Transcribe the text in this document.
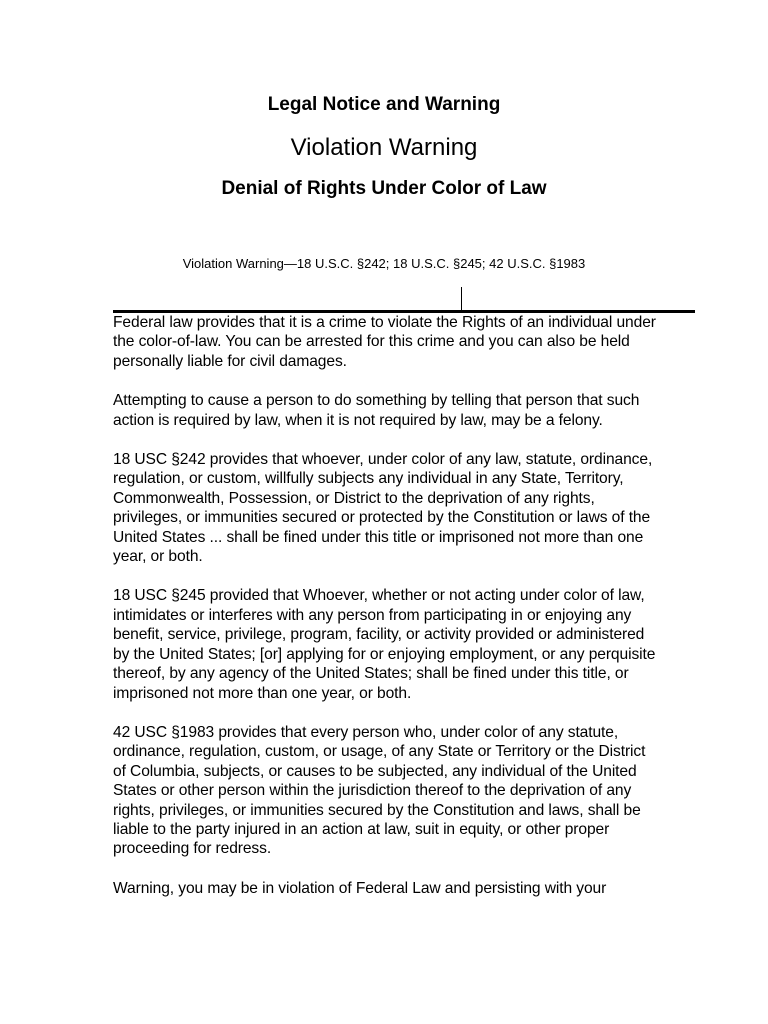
Legal Notice and Warning
Violation Warning
Denial of Rights Under Color of Law
Violation Warning—18 U.S.C. §242; 18 U.S.C. §245; 42 U.S.C. §1983

Federal law provides that it is a crime to violate the Rights of an individual under the color-of-law. You can be arrested for this crime and you can also be held personally liable for civil damages.

Attempting to cause a person to do something by telling that person that such action is required by law, when it is not required by law, may be a felony.

18 USC §242 provides that whoever, under color of any law, statute, ordinance, regulation, or custom, willfully subjects any individual in any State, Territory, Commonwealth, Possession, or District to the deprivation of any rights, privileges, or immunities secured or protected by the Constitution or laws of the United States ... shall be fined under this title or imprisoned not more than one year, or both.

18 USC §245 provided that Whoever, whether or not acting under color of law, intimidates or interferes with any person from participating in or enjoying any benefit, service, privilege, program, facility, or activity provided or administered by the United States; [or] applying for or enjoying employment, or any perquisite thereof, by any agency of the United States; shall be fined under this title, or imprisoned not more than one year, or both.

42 USC §1983 provides that every person who, under color of any statute, ordinance, regulation, custom, or usage, of any State or Territory or the District of Columbia, subjects, or causes to be subjected, any individual of the United States or other person within the jurisdiction thereof to the deprivation of any rights, privileges, or immunities secured by the Constitution and laws, shall be liable to the party injured in an action at law, suit in equity, or other proper proceeding for redress.

Warning, you may be in violation of Federal Law and persisting with your
